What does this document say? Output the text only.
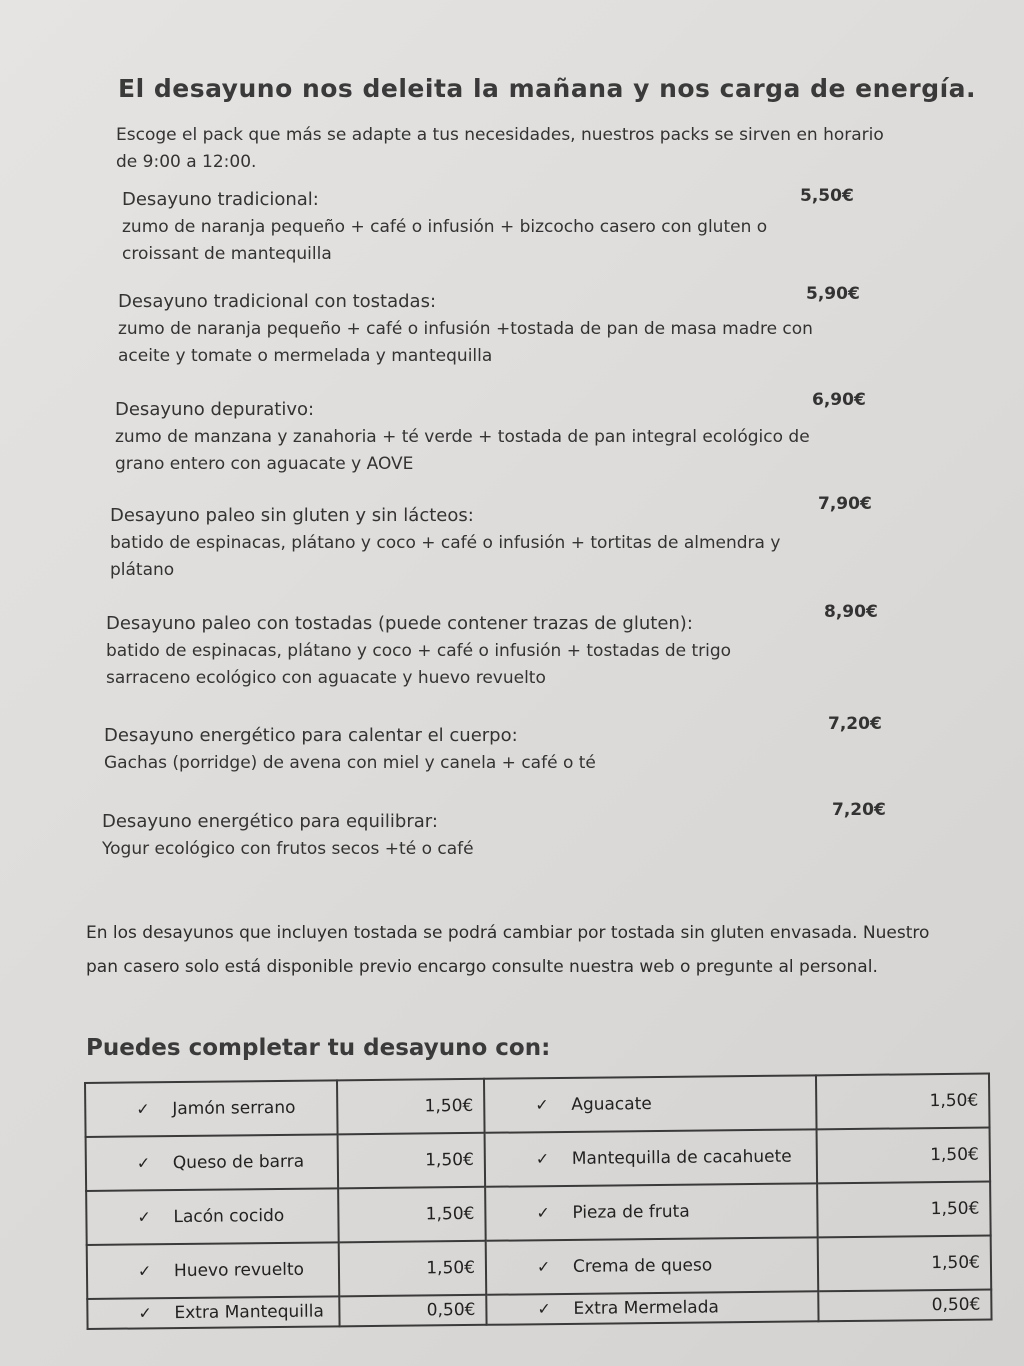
El desayuno nos deleita la mañana y nos carga de energía.
Escoge el pack que más se adapte a tus necesidades, nuestros packs se sirven en horario de 9:00 a 12:00.
Desayuno tradicional:
zumo de naranja pequeño + café o infusión + bizcocho casero con gluten o croissant de mantequilla
5,50€
Desayuno tradicional con tostadas:
zumo de naranja pequeño + café o infusión +tostada de pan de masa madre con aceite y tomate o mermelada y mantequilla
5,90€
Desayuno depurativo:
zumo de manzana y zanahoria + té verde + tostada de pan integral ecológico de grano entero con aguacate y AOVE
6,90€
Desayuno paleo sin gluten y sin lácteos:
batido de espinacas, plátano y coco + café o infusión + tortitas de almendra y plátano
7,90€
Desayuno paleo con tostadas (puede contener trazas de gluten):
batido de espinacas, plátano y coco + café o infusión + tostadas de trigo sarraceno ecológico con aguacate y huevo revuelto
8,90€
Desayuno energético para calentar el cuerpo:
Gachas (porridge) de avena con miel y canela + café o té
7,20€
Desayuno energético para equilibrar:
Yogur ecológico con frutos secos +té o café
7,20€
En los desayunos que incluyen tostada se podrá cambiar por tostada sin gluten envasada. Nuestro pan casero solo está disponible previo encargo consulte nuestra web o pregunte al personal.
Puedes completar tu desayuno con:
✓ Jamón serrano	1,50€	✓ Aguacate	1,50€
✓ Queso de barra	1,50€	✓ Mantequilla de cacahuete	1,50€
✓ Lacón cocido	1,50€	✓ Pieza de fruta	1,50€
✓ Huevo revuelto	1,50€	✓ Crema de queso	1,50€
✓ Extra Mantequilla	0,50€	✓ Extra Mermelada	0,50€
